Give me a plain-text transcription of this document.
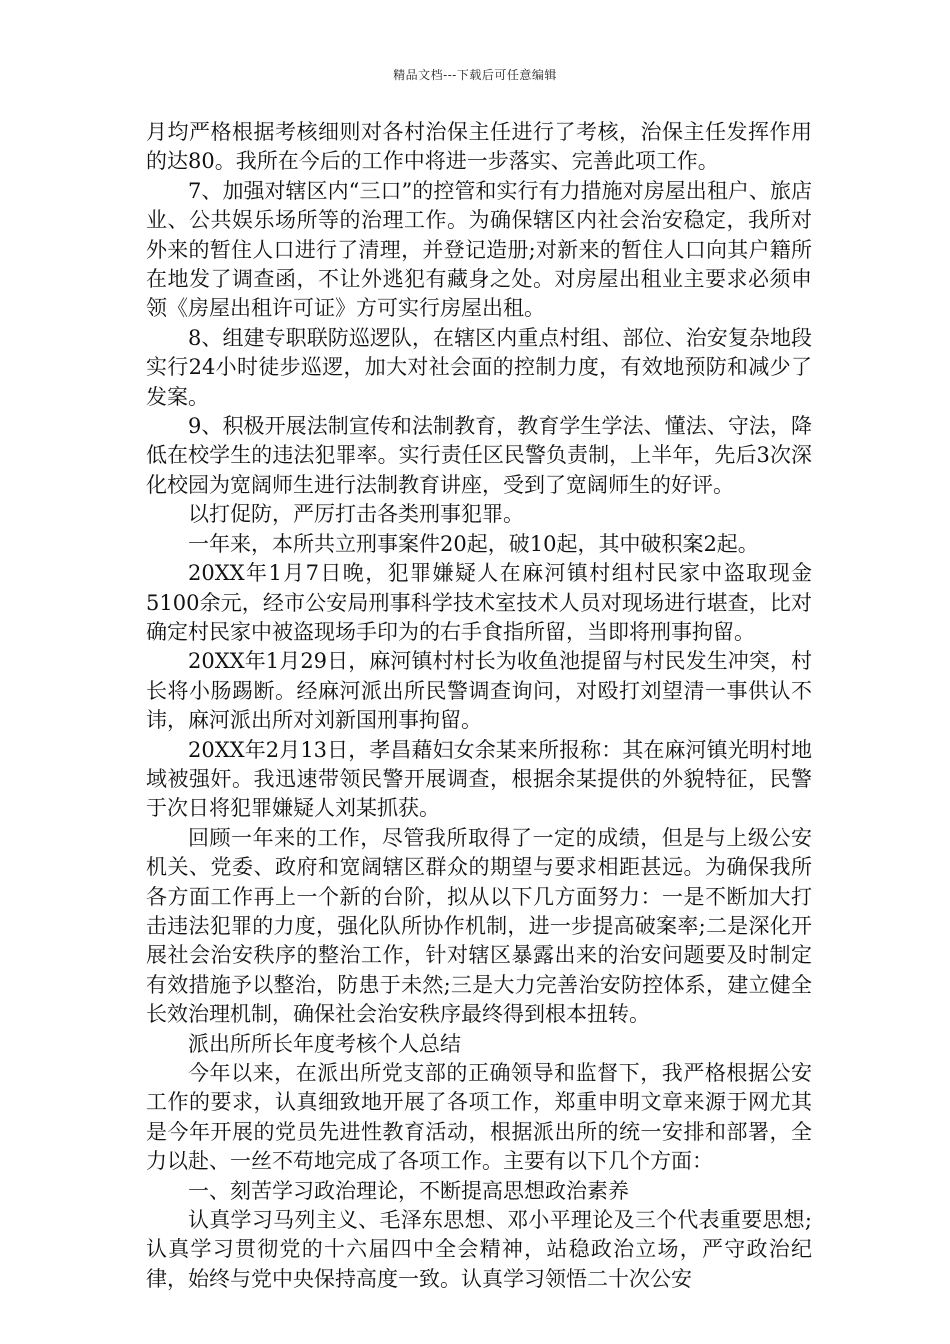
精品文档---下载后可任意编辑

月均严格根据考核细则对各村治保主任进行了考核，治保主任发挥作用的达80。我所在今后的工作中将进一步落实、完善此项工作。

7、加强对辖区内“三口”的控管和实行有力措施对房屋出租户、旅店业、公共娱乐场所等的治理工作。为确保辖区内社会治安稳定，我所对外来的暂住人口进行了清理，并登记造册;对新来的暂住人口向其户籍所在地发了调查函，不让外逃犯有藏身之处。对房屋出租业主要求必须申领《房屋出租许可证》方可实行房屋出租。

8、组建专职联防巡逻队，在辖区内重点村组、部位、治安复杂地段实行24小时徒步巡逻，加大对社会面的控制力度，有效地预防和减少了发案。

9、积极开展法制宣传和法制教育，教育学生学法、懂法、守法，降低在校学生的违法犯罪率。实行责任区民警负责制，上半年，先后3次深化校园为宽阔师生进行法制教育讲座，受到了宽阔师生的好评。

以打促防，严厉打击各类刑事犯罪。

一年来，本所共立刑事案件20起，破10起，其中破积案2起。

20XX年1月7日晚，犯罪嫌疑人在麻河镇村组村民家中盗取现金5100余元，经市公安局刑事科学技术室技术人员对现场进行堪查，比对确定村民家中被盗现场手印为的右手食指所留，当即将刑事拘留。

20XX年1月29日，麻河镇村村长为收鱼池提留与村民发生冲突，村长将小肠踢断。经麻河派出所民警调查询问，对殴打刘望清一事供认不讳，麻河派出所对刘新国刑事拘留。

20XX年2月13日，孝昌藉妇女余某来所报称：其在麻河镇光明村地域被强奸。我迅速带领民警开展调查，根据余某提供的外貌特征，民警于次日将犯罪嫌疑人刘某抓获。

回顾一年来的工作，尽管我所取得了一定的成绩，但是与上级公安机关、党委、政府和宽阔辖区群众的期望与要求相距甚远。为确保我所各方面工作再上一个新的台阶，拟从以下几方面努力：一是不断加大打击违法犯罪的力度，强化队所协作机制，进一步提高破案率;二是深化开展社会治安秩序的整治工作，针对辖区暴露出来的治安问题要及时制定有效措施予以整治，防患于未然;三是大力完善治安防控体系，建立健全长效治理机制，确保社会治安秩序最终得到根本扭转。

派出所所长年度考核个人总结

今年以来，在派出所党支部的正确领导和监督下，我严格根据公安工作的要求，认真细致地开展了各项工作，郑重申明文章来源于网尤其是今年开展的党员先进性教育活动，根据派出所的统一安排和部署，全力以赴、一丝不苟地完成了各项工作。主要有以下几个方面：

一、刻苦学习政治理论，不断提高思想政治素养

认真学习马列主义、毛泽东思想、邓小平理论及三个代表重要思想;认真学习贯彻党的十六届四中全会精神，站稳政治立场，严守政治纪律，始终与党中央保持高度一致。认真学习领悟二十次公安
